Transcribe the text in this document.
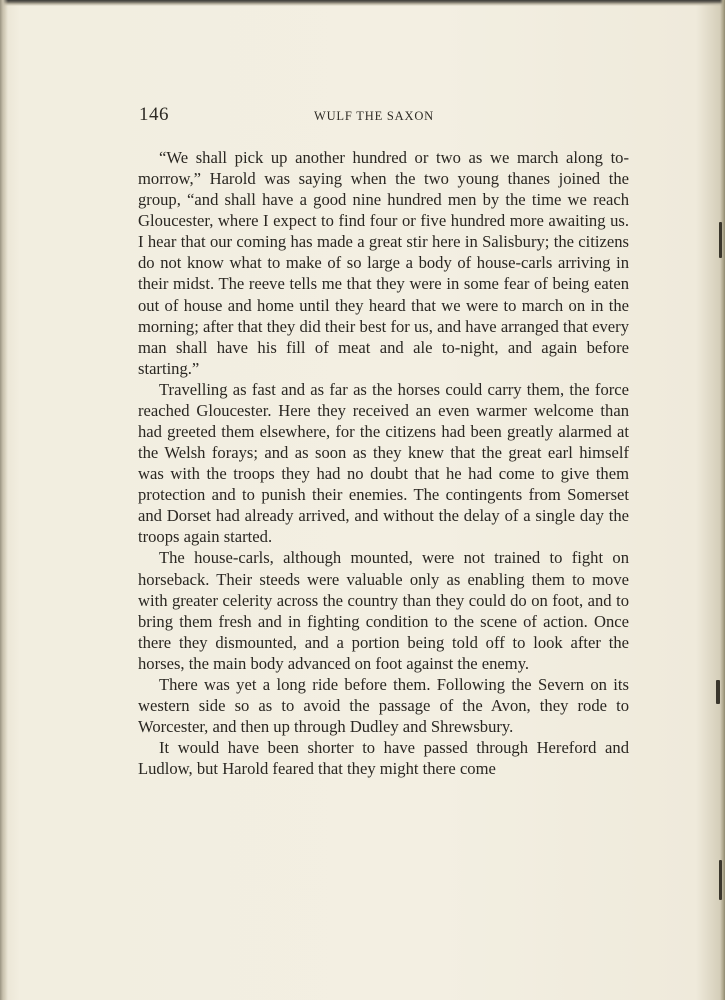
146	WULF THE SAXON

“We shall pick up another hundred or two as we march along to-morrow,” Harold was saying when the two young thanes joined the group, “and shall have a good nine hundred men by the time we reach Gloucester, where I expect to find four or five hundred more awaiting us. I hear that our coming has made a great stir here in Salisbury; the citizens do not know what to make of so large a body of house-carls arriving in their midst. The reeve tells me that they were in some fear of being eaten out of house and home until they heard that we were to march on in the morning; after that they did their best for us, and have arranged that every man shall have his fill of meat and ale to-night, and again before starting.”

Travelling as fast and as far as the horses could carry them, the force reached Gloucester. Here they received an even warmer welcome than had greeted them elsewhere, for the citizens had been greatly alarmed at the Welsh forays; and as soon as they knew that the great earl himself was with the troops they had no doubt that he had come to give them protection and to punish their enemies. The contingents from Somerset and Dorset had already arrived, and without the delay of a single day the troops again started.

The house-carls, although mounted, were not trained to fight on horseback. Their steeds were valuable only as enabling them to move with greater celerity across the country than they could do on foot, and to bring them fresh and in fighting condition to the scene of action. Once there they dismounted, and a portion being told off to look after the horses, the main body advanced on foot against the enemy.

There was yet a long ride before them. Following the Severn on its western side so as to avoid the passage of the Avon, they rode to Worcester, and then up through Dudley and Shrewsbury.

It would have been shorter to have passed through Hereford and Ludlow, but Harold feared that they might there come
